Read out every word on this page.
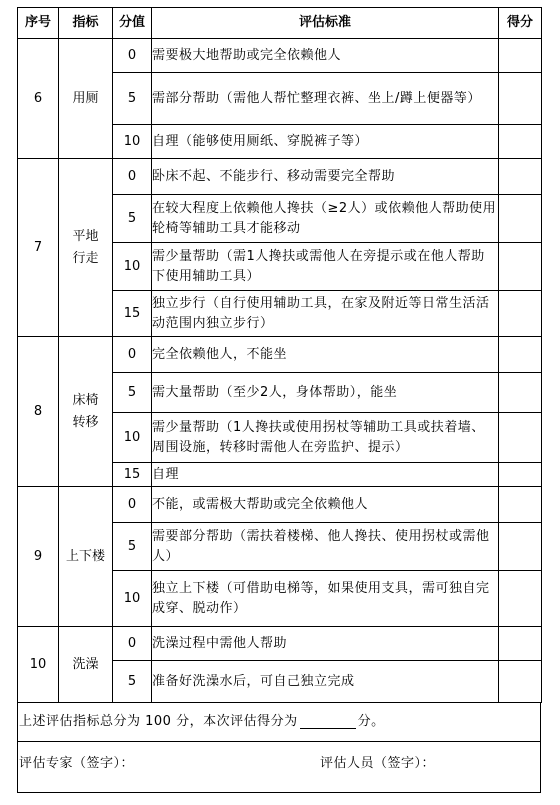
序号	指标	分值	评估标准	得分
6	用厕	0	需要极大地帮助或完全依赖他人	
		5	需部分帮助（需他人帮忙整理衣裤、坐上/蹲上便器等）	
		10	自理（能够使用厕纸、穿脱裤子等）	
7	平地行走	0	卧床不起、不能步行、移动需要完全帮助	
		5	在较大程度上依赖他人搀扶（≥2人）或依赖他人帮助使用轮椅等辅助工具才能移动	
		10	需少量帮助（需1人搀扶或需他人在旁提示或在他人帮助下使用辅助工具）	
		15	独立步行（自行使用辅助工具，在家及附近等日常生活活动范围内独立步行）	
8	床椅转移	0	完全依赖他人，不能坐	
		5	需大量帮助（至少2人，身体帮助），能坐	
		10	需少量帮助（1人搀扶或使用拐杖等辅助工具或扶着墙、周围设施，转移时需他人在旁监护、提示）	
		15	自理	
9	上下楼	0	不能，或需极大帮助或完全依赖他人	
		5	需要部分帮助（需扶着楼梯、他人搀扶、使用拐杖或需他人）	
		10	独立上下楼（可借助电梯等，如果使用支具，需可独自完成穿、脱动作）	
10	洗澡	0	洗澡过程中需他人帮助	
		5	准备好洗澡水后，可自己独立完成	
上述评估指标总分为 100 分，本次评估得分为	分。
评估专家（签字）：	评估人员（签字）：
